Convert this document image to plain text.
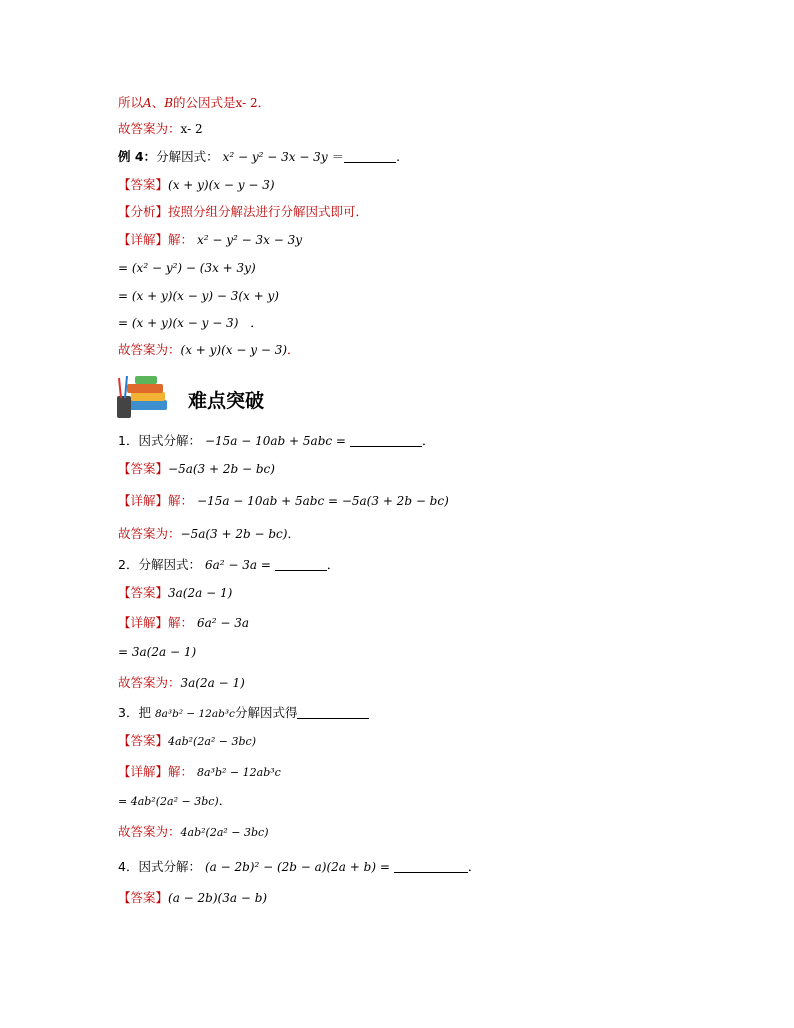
所以A、B的公因式是x- 2．
故答案为：x- 2
例 4：分解因式： x² − y² − 3x − 3y ＝	.
【答案】(x + y)(x − y − 3)
【分析】按照分组分解法进行分解因式即可．
【详解】解： x² − y² − 3x − 3y
= (x² − y²) − (3x + 3y)
= (x + y)(x − y) − 3(x + y)
= (x + y)(x − y − 3) ．
故答案为：(x + y)(x − y − 3)．
难点突破
1．因式分解： −15a − 10ab + 5abc =	．
【答案】−5a(3 + 2b − bc)
【详解】解： −15a − 10ab + 5abc = −5a(3 + 2b − bc)
故答案为：−5a(3 + 2b − bc)．
2．分解因式： 6a² − 3a =	．
【答案】3a(2a − 1)
【详解】解： 6a² − 3a
= 3a(2a − 1)
故答案为：3a(2a − 1)
3．把 8a³b² − 12ab³c分解因式得
【答案】4ab²(2a² − 3bc)
【详解】解： 8a³b² − 12ab³c
= 4ab²(2a² − 3bc)．
故答案为：4ab²(2a² − 3bc)
4．因式分解： (a − 2b)² − (2b − a)(2a + b) =	．
【答案】(a − 2b)(3a − b)
